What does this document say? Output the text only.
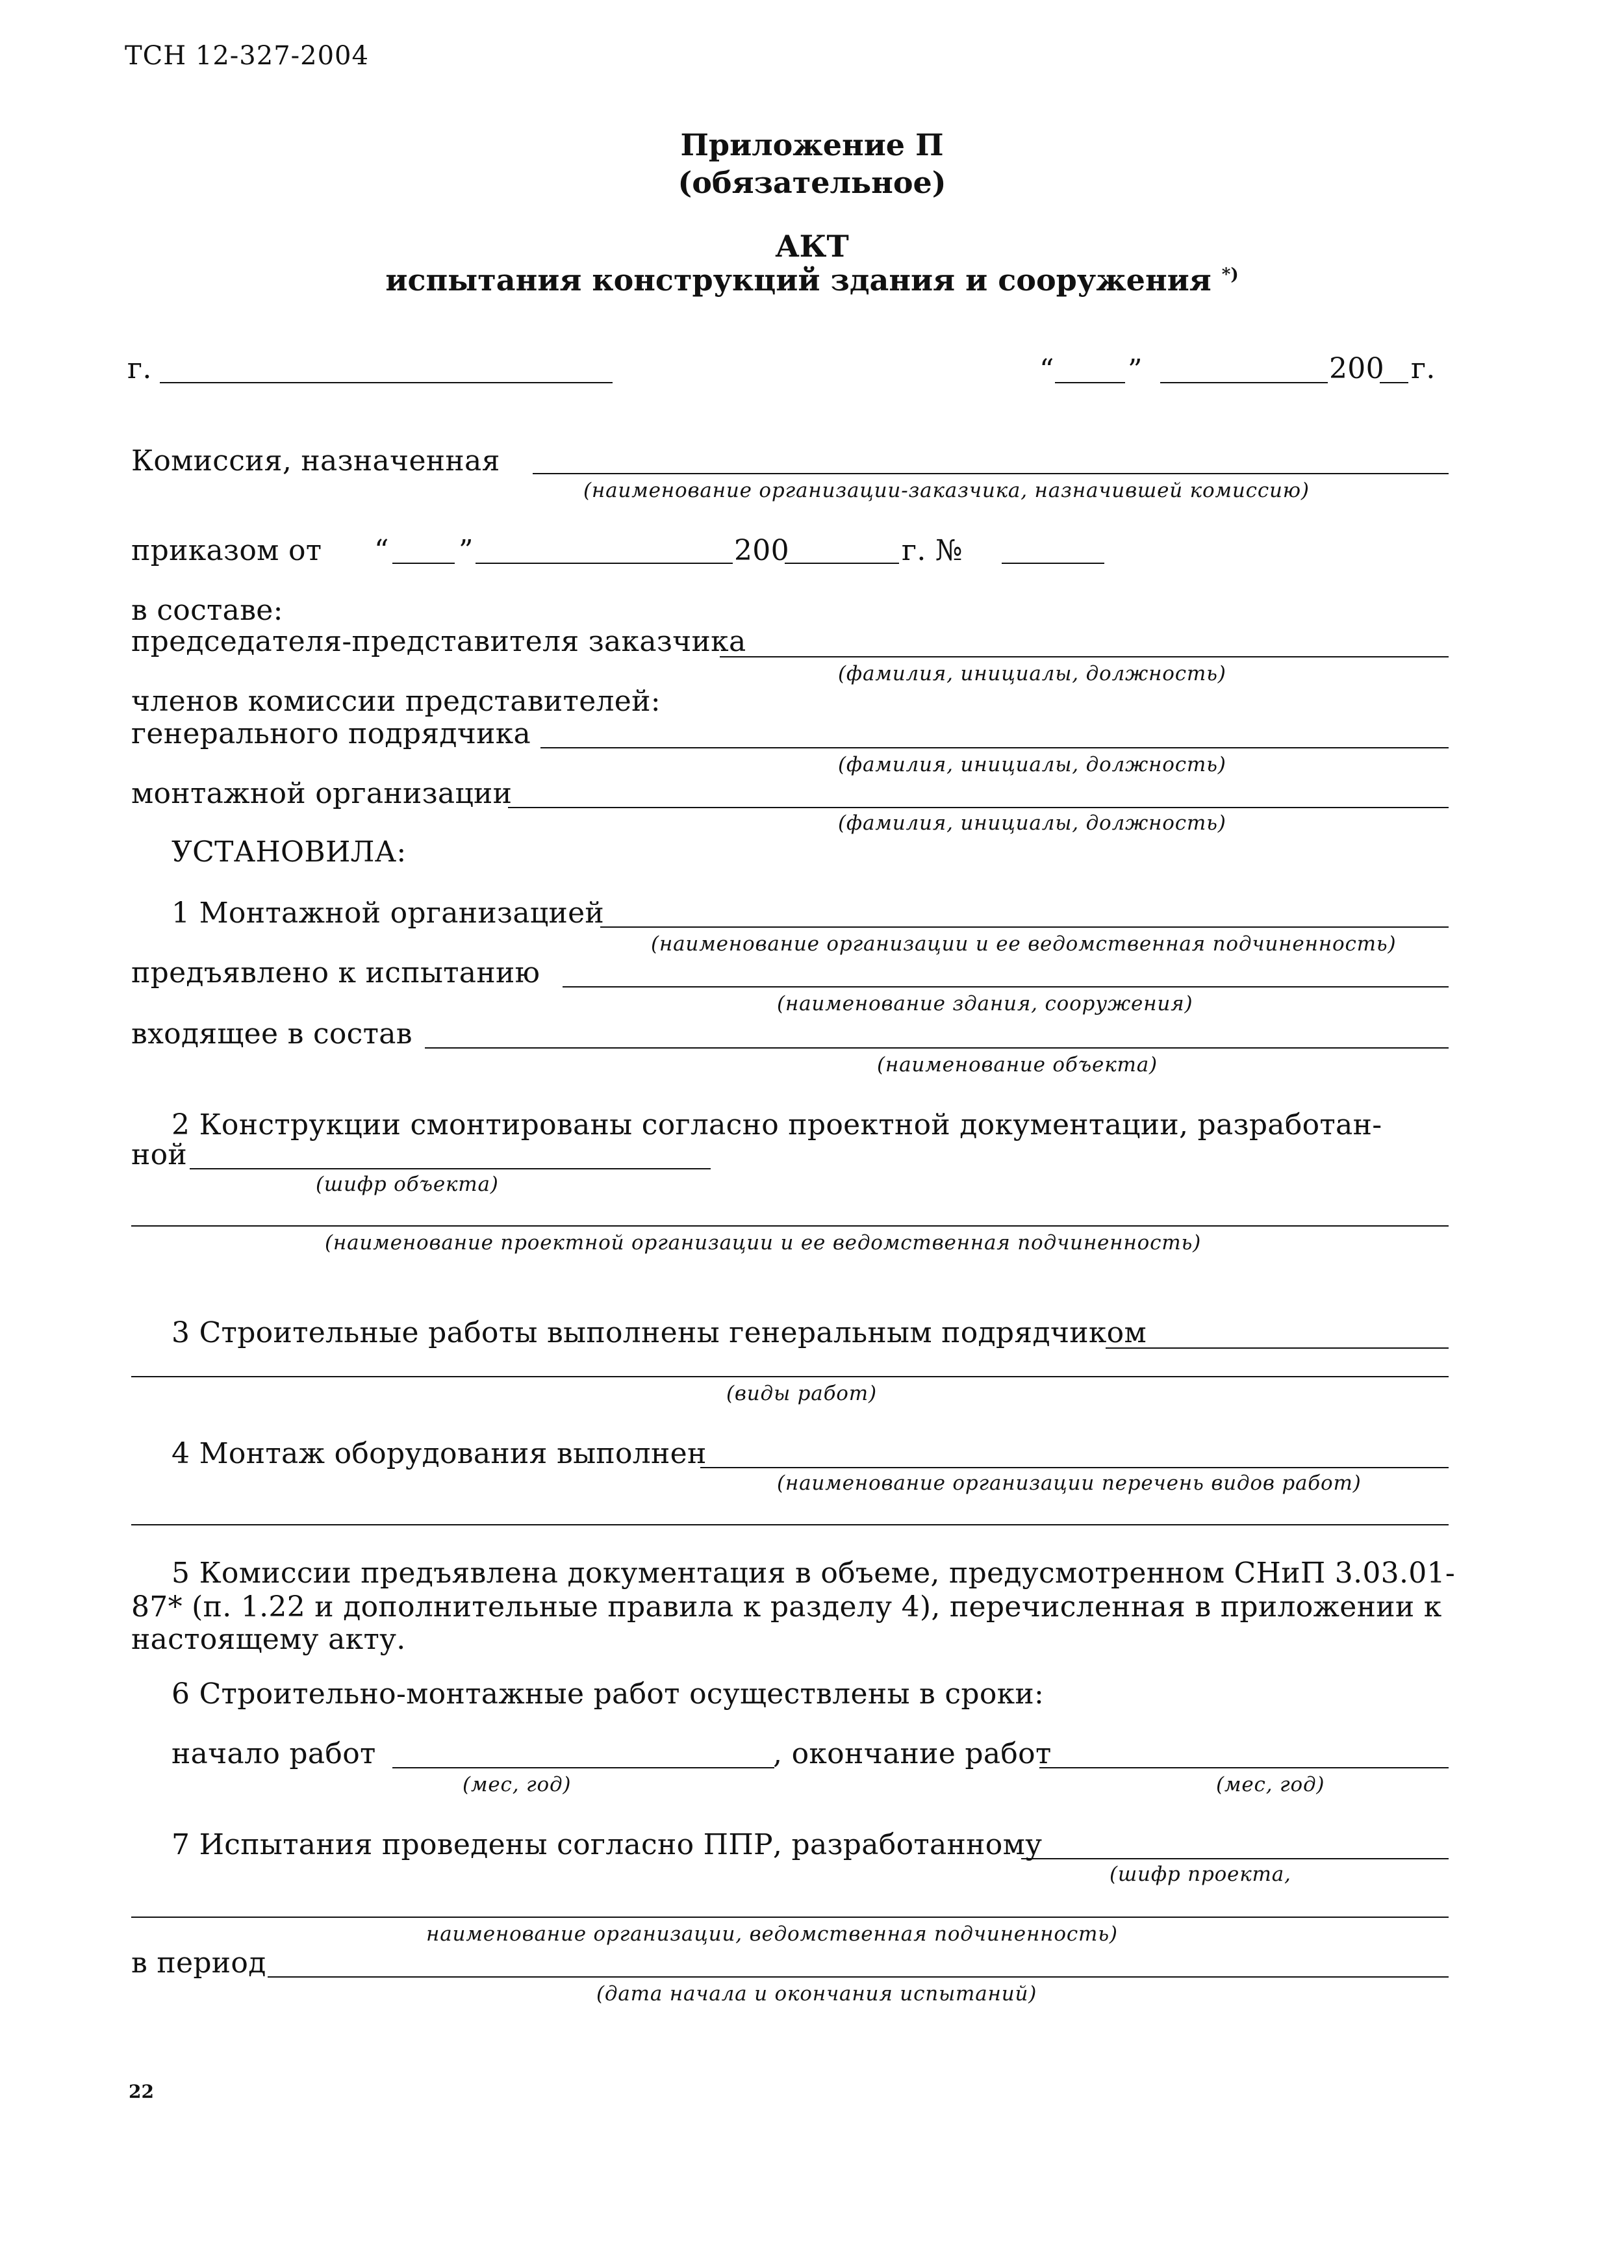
ТСН 12-327-2004
Приложение П
(обязательное)
АКТ
испытания конструкций здания и сооружения *)
г.	“	”	200 г.
Комиссия, назначенная
(наименование организации-заказчика, назначившей комиссию)
приказом от “ ”	200	г. №
в составе:
председателя-представителя заказчика
(фамилия, инициалы, должность)
членов комиссии представителей:
генерального подрядчика
(фамилия, инициалы, должность)
монтажной организации
(фамилия, инициалы, должность)
УСТАНОВИЛА:
1 Монтажной организацией
(наименование организации и ее ведомственная подчиненность)
предъявлено к испытанию
(наименование здания, сооружения)
входящее в состав
(наименование объекта)
2 Конструкции смонтированы согласно проектной документации, разработан-
ной
(шифр объекта)
(наименование проектной организации и ее ведомственная подчиненность)
3 Строительные работы выполнены генеральным подрядчиком
(виды работ)
4 Монтаж оборудования выполнен
(наименование организации перечень видов работ)
5 Комиссии предъявлена документация в объеме, предусмотренном СНиП 3.03.01-
87* (п. 1.22 и дополнительные правила к разделу 4), перечисленная в приложении к
настоящему акту.
6 Строительно-монтажные работ осуществлены в сроки:
начало работ	, окончание работ
(мес, год)	(мес, год)
7 Испытания проведены согласно ППР, разработанному
(шифр проекта,
наименование организации, ведомственная подчиненность)
в период
(дата начала и окончания испытаний)
22
